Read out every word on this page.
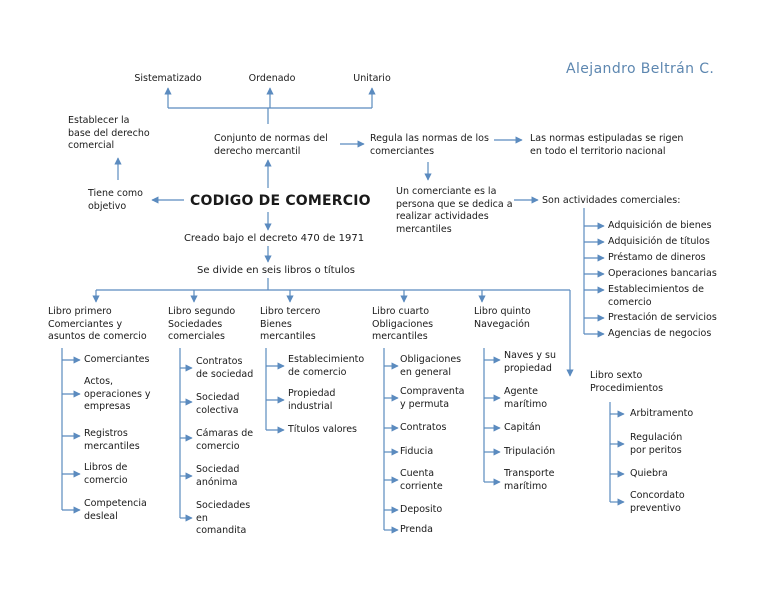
Alejandro Beltrán C.
Sistematizado	Ordenado	Unitario
Establecer la
base del derecho
comercial
Tiene como
objetivo
Conjunto de normas del
derecho mercantil
Regula las normas de los
comerciantes
Las normas estipuladas se rigen
en todo el territorio nacional
CODIGO DE COMERCIO
Un comerciante es la
persona que se dedica a
realizar actividades
mercantiles
Son actividades comerciales:
Adquisición de bienes
Adquisición de títulos
Préstamo de dineros
Operaciones bancarias
Establecimientos de
comercio
Prestación de servicios
Agencias de negocios
Creado bajo el decreto 470 de 1971
Se divide en seis libros o títulos
Libro primero
Comerciantes y
asuntos de comercio
Comerciantes
Actos,
operaciones y
empresas
Registros
mercantiles
Libros de
comercio
Competencia
desleal
Libro segundo
Sociedades
comerciales
Contratos
de sociedad
Sociedad
colectiva
Cámaras de
comercio
Sociedad
anónima
Sociedades
en
comandita
Libro tercero
Bienes
mercantiles
Establecimiento
de comercio
Propiedad
industrial
Títulos valores
Libro cuarto
Obligaciones
mercantiles
Obligaciones
en general
Compraventa
y permuta
Contratos
Fiducia
Cuenta
corriente
Deposito
Prenda
Libro quinto
Navegación
Naves y su
propiedad
Agente
marítimo
Capitán
Tripulación
Transporte
marítimo
Libro sexto
Procedimientos
Arbitramento
Regulación
por peritos
Quiebra
Concordato
preventivo
